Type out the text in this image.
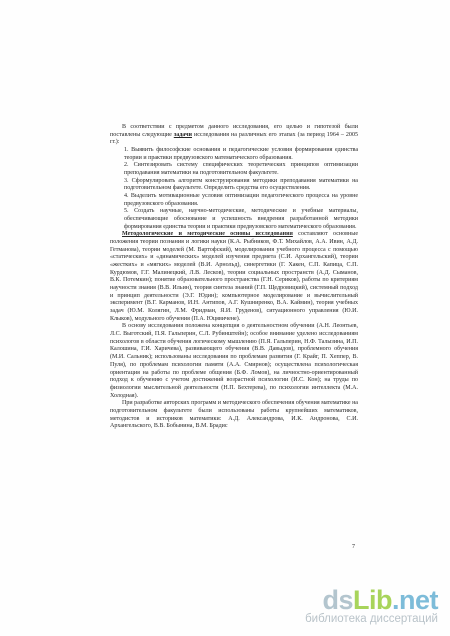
В соответствии с предметом данного исследования, его целью и гипотезой были поставлены следующие задачи исследования на различных его этапах (за период 1964 – 2005 гг.):

1. Выявить философские основания и педагогические условия формирования единства теории и практики предвузовского математического образования.

2. Синтезировать систему специфических теоретических принципов оптимизации преподавания математики на подготовительном факультете.

3. Сформулировать алгоритм конструирования методики преподавания математики на подготовительном факультете. Определить средства его осуществления.

4. Выделить мотивационные условия оптимизации педагогического процесса на уровне предвузовского образования.

5. Создать научные, научно-методические, методические и учебные материалы, обеспечивающие обоснование и успешность внедрения разработанной методики формирования единства теории и практики предвузовского математического образования.

Методологические и методические основы исследования составляют основные положения теории познания и логики науки (К.А. Рыбников, Ф.Т. Михайлов, А.А. Ивин, А.Д. Гетманова), теории моделей (М. Вартофский), моделирования учебного процесса с помощью «статических» и «динамических» моделей изучения предмета (С.И. Архангельский), теории «жестких» и «мягких» моделей (В.И. Арнольд), синергетики (Г. Хакен, С.П. Капица, С.П. Курдюмов, Г.Г. Малинецкий, Л.В. Лесков), теории социальных пространств (А.Д. Сыманов, В.К. Потемкин); понятие образовательного пространства (Г.Н. Сериков), работы по критериям научности знания (В.В. Ильин), теория синтеза знаний (Г.П. Щедровицкий), системный подход и принцип деятельности (Э.Г. Юдин); компьютерное моделирование и вычислительный эксперимент (В.Г. Карманов, И.Н. Антипов, А.Г. Кушниренко, В.А. Каймин), теория учебных задач (Ю.М. Колягин, Л.М. Фридман, Я.И. Груденов), ситуационного управления (Ю.И. Клыков), модульного обучения (П.А. Юцявичене).

В основу исследования положена концепция о деятельностном обучении (А.Н. Леонтьев, Л.С. Выготский, П.Я. Гальперин, С.Л. Рубинштейн); особое внимание уделено исследованиям психологов в области обучения логическому мышлению (П.Я. Гальперин, Н.Ф. Талызина, И.П. Калошина, Г.И. Харичева), развивающего обучения (В.В. Давыдов), проблемного обучения (М.И. Сальник); использованы исследования по проблемам развития (Г. Крайг, П. Хеппер, В. Пуля), по проблемам психологии памяти (А.А. Смирнов); осуществлена психологическая ориентация на работы по проблеме общения (Б.Ф. Ломов), на личностно-ориентированный подход к обучению с учетом достижений возрастной психологии (И.С. Кон); на труды по физиологии мыслительной деятельности (Н.П. Бехтерева), по психологии интеллекта (М.А. Холодная).

При разработке авторских программ и методического обеспечения обучения математике на подготовительном факультете были использованы работы крупнейших математиков, методистов и историков математики: А.Д. Александрова, И.К. Андронова, С.И. Архангельского, В.В. Бобынина, В.М. Брадис

7
dsLib.net
библиотека диссертаций
